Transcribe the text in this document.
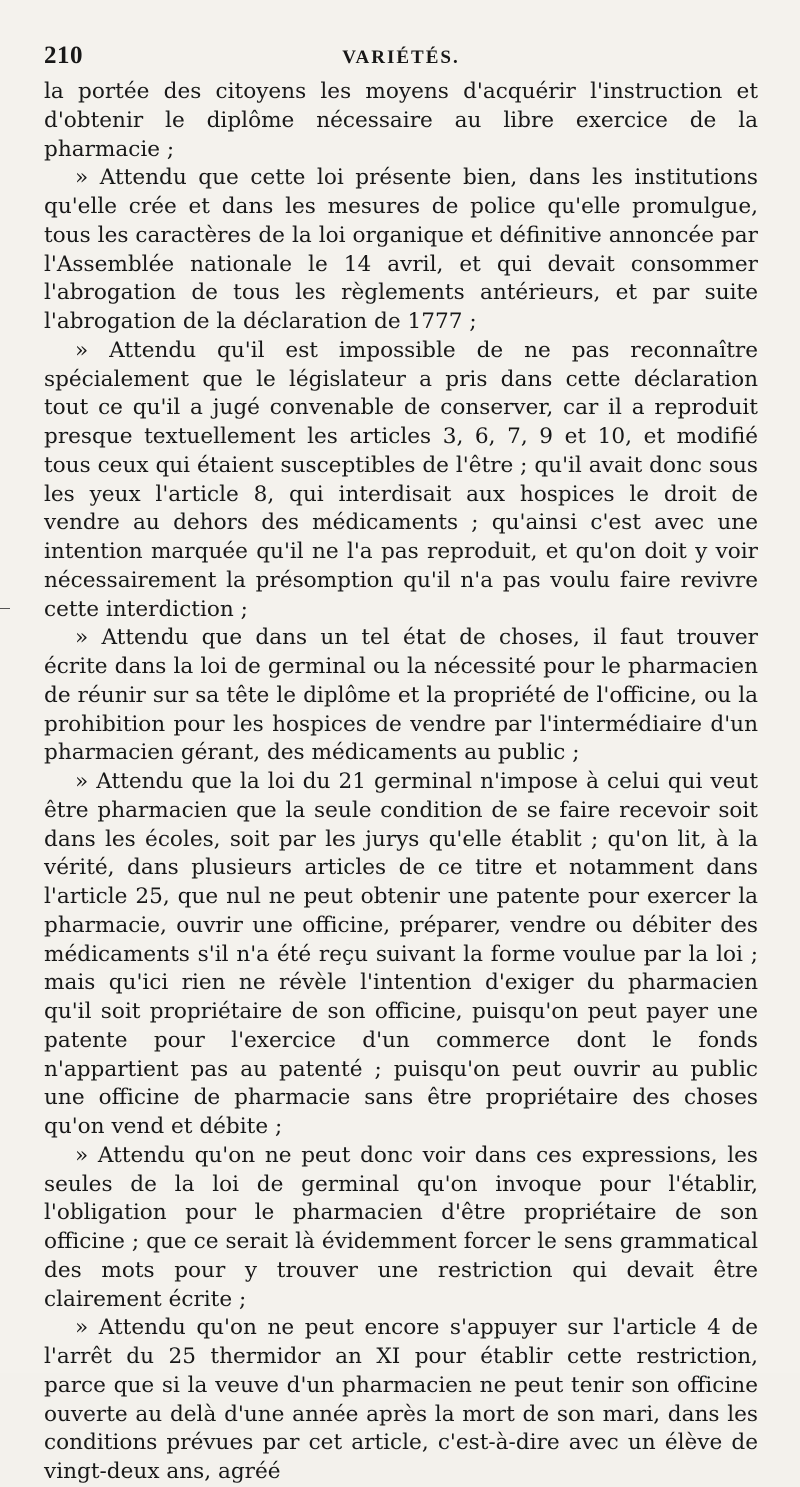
210	VARIÉTÉS.

la portée des citoyens les moyens d'acquérir l'instruction et d'obtenir le diplôme nécessaire au libre exercice de la pharmacie ;

» Attendu que cette loi présente bien, dans les institutions qu'elle crée et dans les mesures de police qu'elle promulgue, tous les caractères de la loi organique et définitive annoncée par l'Assemblée nationale le 14 avril, et qui devait consommer l'abrogation de tous les règlements antérieurs, et par suite l'abrogation de la déclaration de 1777 ;

» Attendu qu'il est impossible de ne pas reconnaître spécialement que le législateur a pris dans cette déclaration tout ce qu'il a jugé convenable de conserver, car il a reproduit presque textuellement les articles 3, 6, 7, 9 et 10, et modifié tous ceux qui étaient susceptibles de l'être ; qu'il avait donc sous les yeux l'article 8, qui interdisait aux hospices le droit de vendre au dehors des médicaments ; qu'ainsi c'est avec une intention marquée qu'il ne l'a pas reproduit, et qu'on doit y voir nécessairement la présomption qu'il n'a pas voulu faire revivre cette interdiction ;

» Attendu que dans un tel état de choses, il faut trouver écrite dans la loi de germinal ou la nécessité pour le pharmacien de réunir sur sa tête le diplôme et la propriété de l'officine, ou la prohibition pour les hospices de vendre par l'intermédiaire d'un pharmacien gérant, des médicaments au public ;

» Attendu que la loi du 21 germinal n'impose à celui qui veut être pharmacien que la seule condition de se faire recevoir soit dans les écoles, soit par les jurys qu'elle établit ; qu'on lit, à la vérité, dans plusieurs articles de ce titre et notamment dans l'article 25, que nul ne peut obtenir une patente pour exercer la pharmacie, ouvrir une officine, préparer, vendre ou débiter des médicaments s'il n'a été reçu suivant la forme voulue par la loi ; mais qu'ici rien ne révèle l'intention d'exiger du pharmacien qu'il soit propriétaire de son officine, puisqu'on peut payer une patente pour l'exercice d'un commerce dont le fonds n'appartient pas au patenté ; puisqu'on peut ouvrir au public une officine de pharmacie sans être propriétaire des choses qu'on vend et débite ;

» Attendu qu'on ne peut donc voir dans ces expressions, les seules de la loi de germinal qu'on invoque pour l'établir, l'obligation pour le pharmacien d'être propriétaire de son officine ; que ce serait là évidemment forcer le sens grammatical des mots pour y trouver une restriction qui devait être clairement écrite ;

» Attendu qu'on ne peut encore s'appuyer sur l'article 4 de l'arrêt du 25 thermidor an XI pour établir cette restriction, parce que si la veuve d'un pharmacien ne peut tenir son officine ouverte au delà d'une année après la mort de son mari, dans les conditions prévues par cet article, c'est-à-dire avec un élève de vingt-deux ans, agréé
